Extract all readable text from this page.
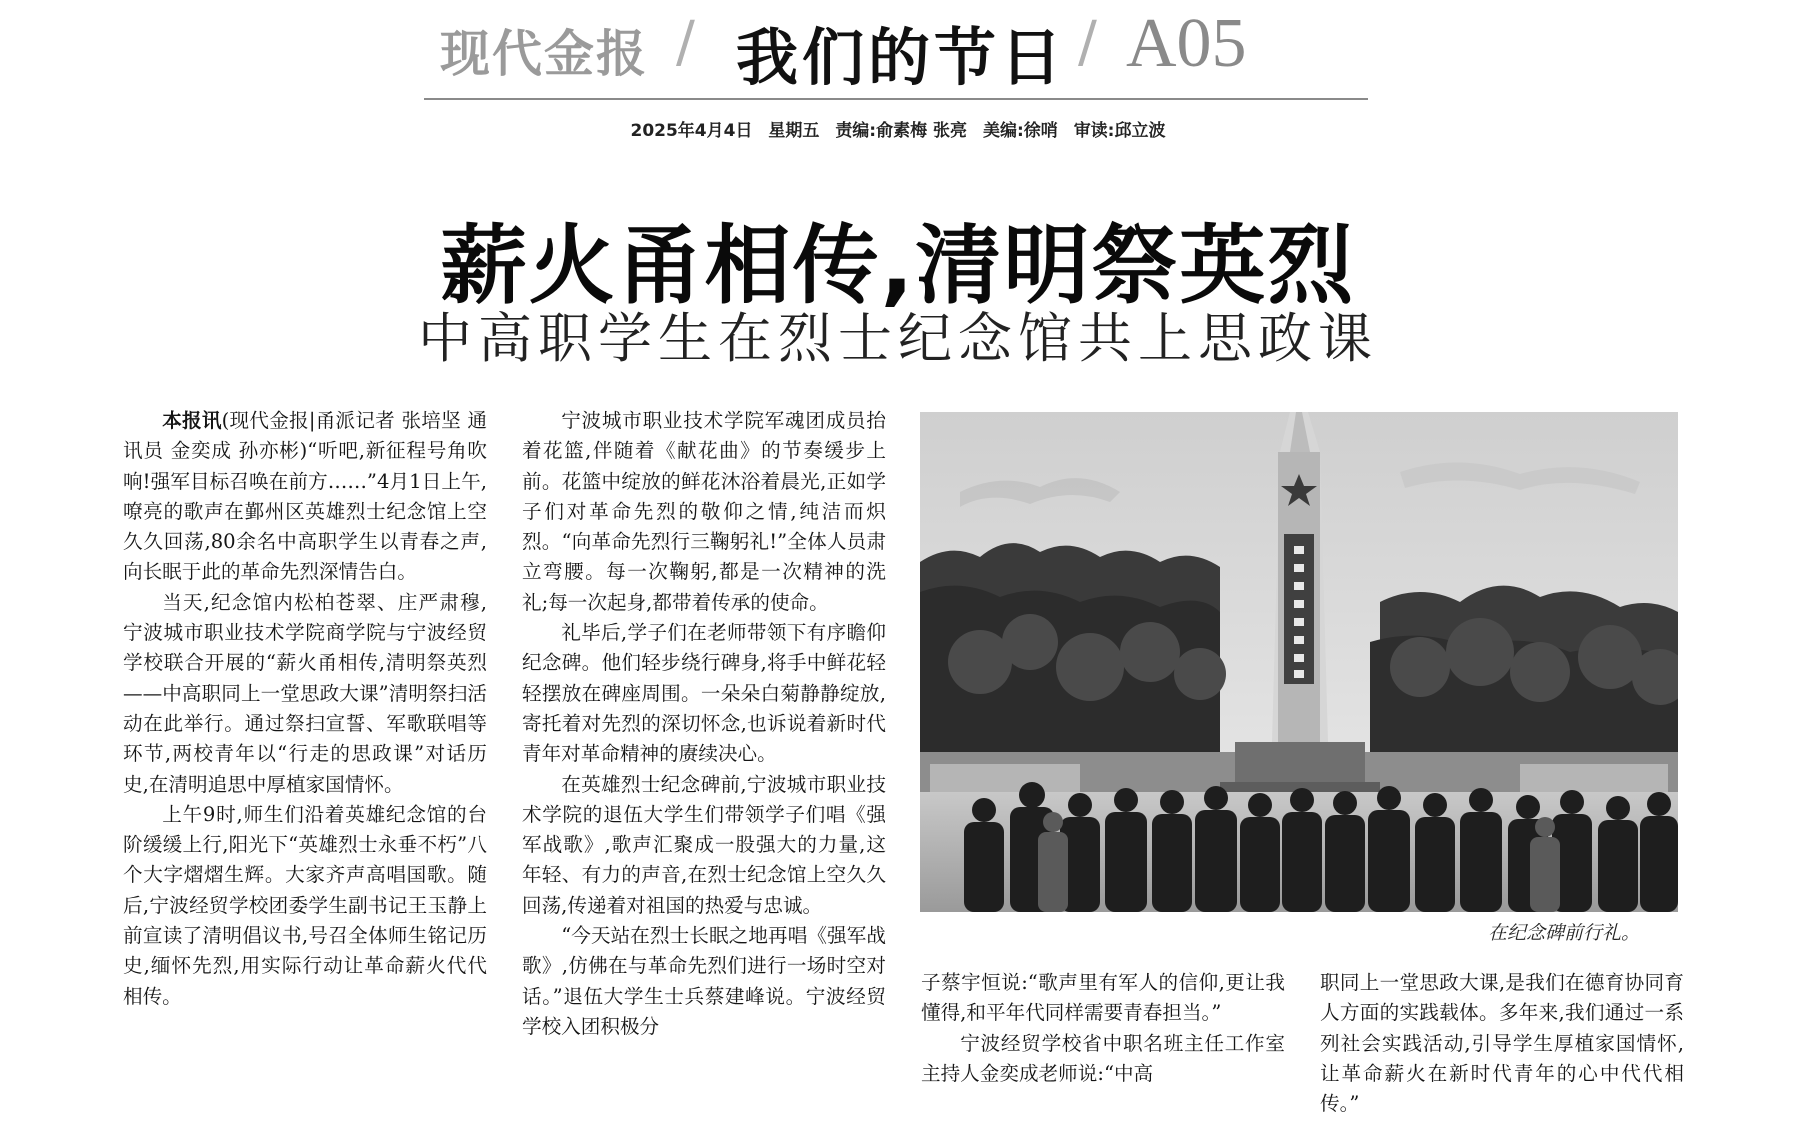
现代金报 / 我们的节日 / A05
2025年4月4日 星期五 责编:俞素梅 张亮 美编:徐哨 审读:邱立波
薪火甬相传,清明祭英烈
中高职学生在烈士纪念馆共上思政课

本报讯(现代金报|甬派记者 张培坚 通讯员 金奕成 孙亦彬)“听吧,新征程号角吹响!强军目标召唤在前方……”4月1日上午,嘹亮的歌声在鄞州区英雄烈士纪念馆上空久久回荡,80余名中高职学生以青春之声,向长眠于此的革命先烈深情告白。

当天,纪念馆内松柏苍翠、庄严肃穆,宁波城市职业技术学院商学院与宁波经贸学校联合开展的“薪火甬相传,清明祭英烈——中高职同上一堂思政大课”清明祭扫活动在此举行。通过祭扫宣誓、军歌联唱等环节,两校青年以“行走的思政课”对话历史,在清明追思中厚植家国情怀。

上午9时,师生们沿着英雄纪念馆的台阶缓缓上行,阳光下“英雄烈士永垂不朽”八个大字熠熠生辉。大家齐声高唱国歌。随后,宁波经贸学校团委学生副书记王玉静上前宣读了清明倡议书,号召全体师生铭记历史,缅怀先烈,用实际行动让革命薪火代代相传。

宁波城市职业技术学院军魂团成员抬着花篮,伴随着《献花曲》的节奏缓步上前。花篮中绽放的鲜花沐浴着晨光,正如学子们对革命先烈的敬仰之情,纯洁而炽烈。“向革命先烈行三鞠躬礼!”全体人员肃立弯腰。每一次鞠躬,都是一次精神的洗礼;每一次起身,都带着传承的使命。

礼毕后,学子们在老师带领下有序瞻仰纪念碑。他们轻步绕行碑身,将手中鲜花轻轻摆放在碑座周围。一朵朵白菊静静绽放,寄托着对先烈的深切怀念,也诉说着新时代青年对革命精神的赓续决心。

在英雄烈士纪念碑前,宁波城市职业技术学院的退伍大学生们带领学子们唱《强军战歌》,歌声汇聚成一股强大的力量,这年轻、有力的声音,在烈士纪念馆上空久久回荡,传递着对祖国的热爱与忠诚。

“今天站在烈士长眠之地再唱《强军战歌》,仿佛在与革命先烈们进行一场时空对话。”退伍大学生士兵蔡建峰说。宁波经贸学校入团积极分

在纪念碑前行礼。

子蔡宇恒说:“歌声里有军人的信仰,更让我懂得,和平年代同样需要青春担当。”

宁波经贸学校省中职名班主任工作室主持人金奕成老师说:“中高

职同上一堂思政大课,是我们在德育协同育人方面的实践载体。多年来,我们通过一系列社会实践活动,引导学生厚植家国情怀,让革命薪火在新时代青年的心中代代相传。”
